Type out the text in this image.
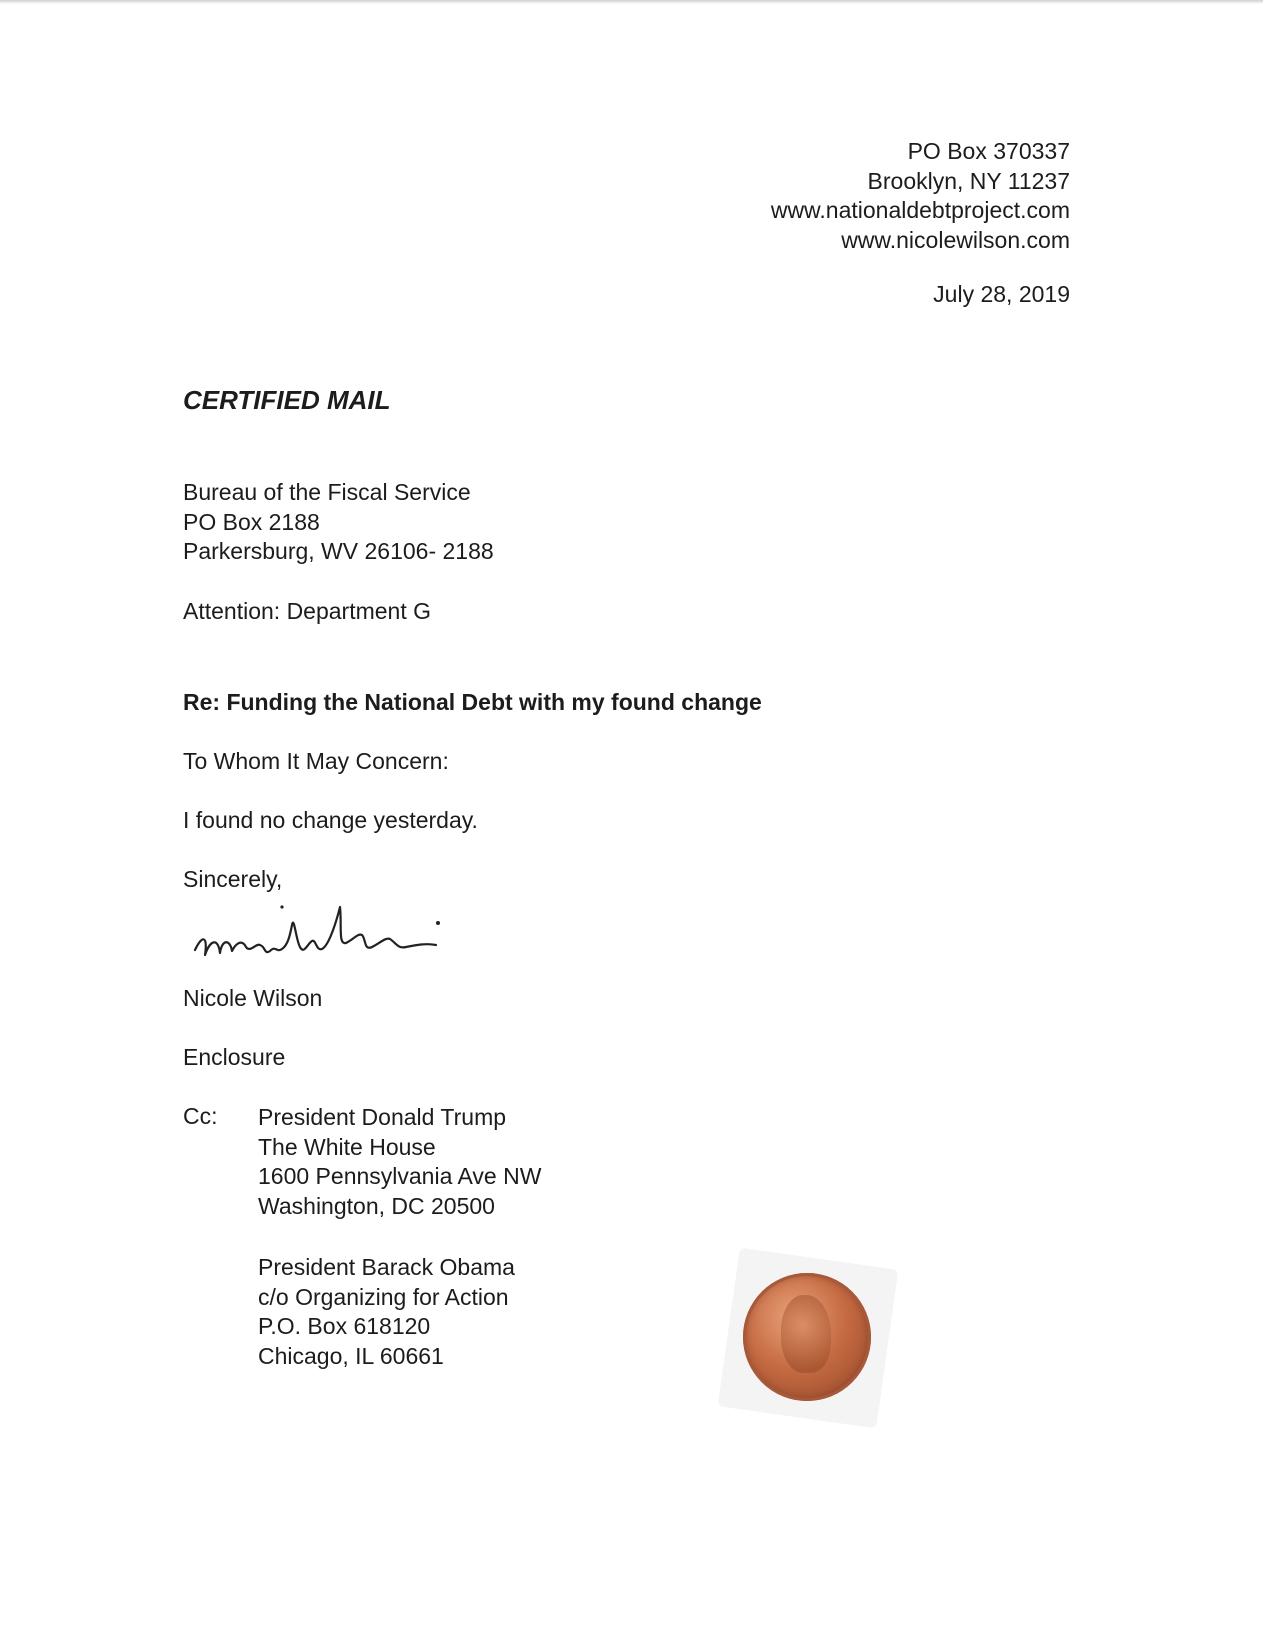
PO Box 370337
Brooklyn, NY 11237
www.nationaldebtproject.com
www.nicolewilson.com
July 28, 2019
CERTIFIED MAIL
Bureau of the Fiscal Service
PO Box 2188
Parkersburg, WV 26106- 2188
Attention: Department G
Re: Funding the National Debt with my found change
To Whom It May Concern:
I found no change yesterday.
Sincerely,
Nicole Wilson
Enclosure
Cc: President Donald Trump
The White House
1600 Pennsylvania Ave NW
Washington, DC 20500
President Barack Obama
c/o Organizing for Action
P.O. Box 618120
Chicago, IL 60661
